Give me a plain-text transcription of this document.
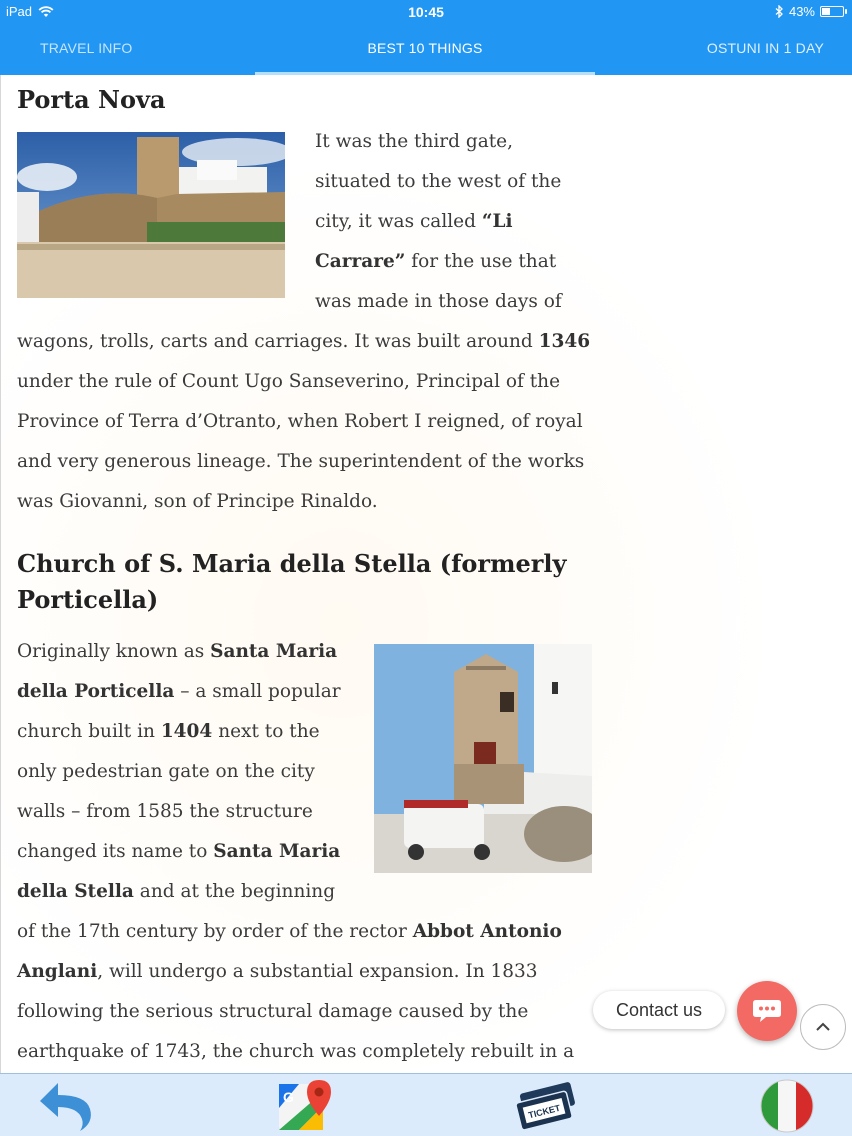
iPad	10:45	43%
TRAVEL INFO	BEST 10 THINGS	OSTUNI IN 1 DAY
Porta Nova
It was the third gate, situated to the west of the city, it was called “Li Carrare” for the use that was made in those days of wagons, trolls, carts and carriages. It was built around 1346 under the rule of Count Ugo Sanseverino, Principal of the Province of Terra d’Otranto, when Robert I reigned, of royal and very generous lineage. The superintendent of the works was Giovanni, son of Principe Rinaldo.
Church of S. Maria della Stella (formerly Porticella)
Originally known as Santa Maria della Porticella – a small popular church built in 1404 next to the only pedestrian gate on the city walls – from 1585 the structure changed its name to Santa Maria della Stella and at the beginning of the 17th century by order of the rector Abbot Antonio Anglani, will undergo a substantial expansion. In 1833 following the serious structural damage caused by the earthquake of 1743, the church was completely rebuilt in a
Contact us
G
TICKET
